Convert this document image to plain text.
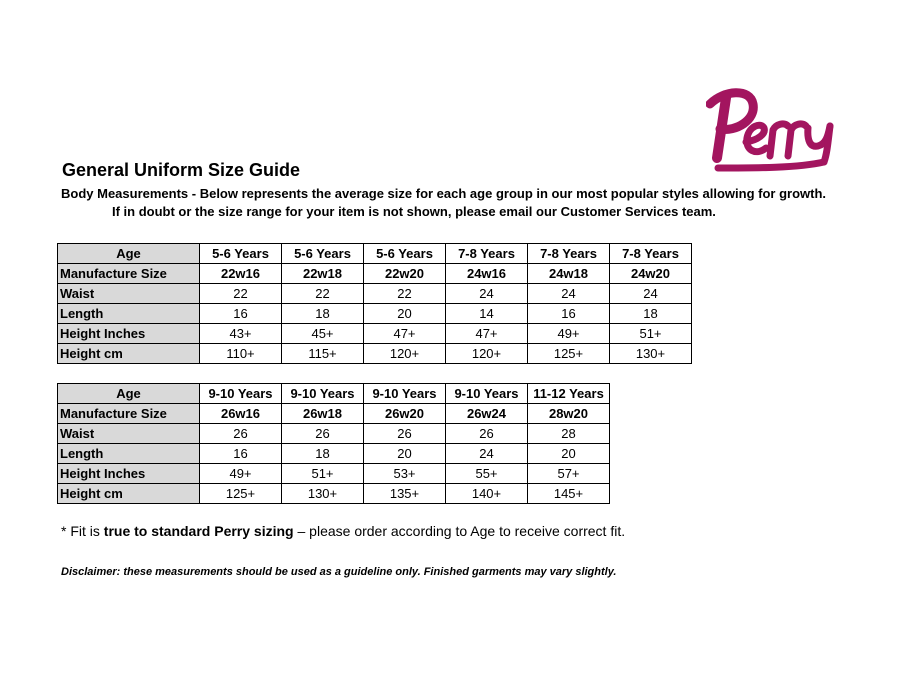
General Uniform Size Guide
Body Measurements - Below represents the average size for each age group in our most popular styles allowing for growth.
If in doubt or the size range for your item is not shown, please email our Customer Services team.
Age	5-6 Years	5-6 Years	5-6 Years	7-8 Years	7-8 Years	7-8 Years
Manufacture Size	22w16	22w18	22w20	24w16	24w18	24w20
Waist	22	22	22	24	24	24
Length	16	18	20	14	16	18
Height Inches	43+	45+	47+	47+	49+	51+
Height cm	110+	115+	120+	120+	125+	130+
Age	9-10 Years	9-10 Years	9-10 Years	9-10 Years	11-12 Years
Manufacture Size	26w16	26w18	26w20	26w24	28w20
Waist	26	26	26	26	28
Length	16	18	20	24	20
Height Inches	49+	51+	53+	55+	57+
Height cm	125+	130+	135+	140+	145+
* Fit is true to standard Perry sizing – please order according to Age to receive correct fit.
Disclaimer: these measurements should be used as a guideline only. Finished garments may vary slightly.
